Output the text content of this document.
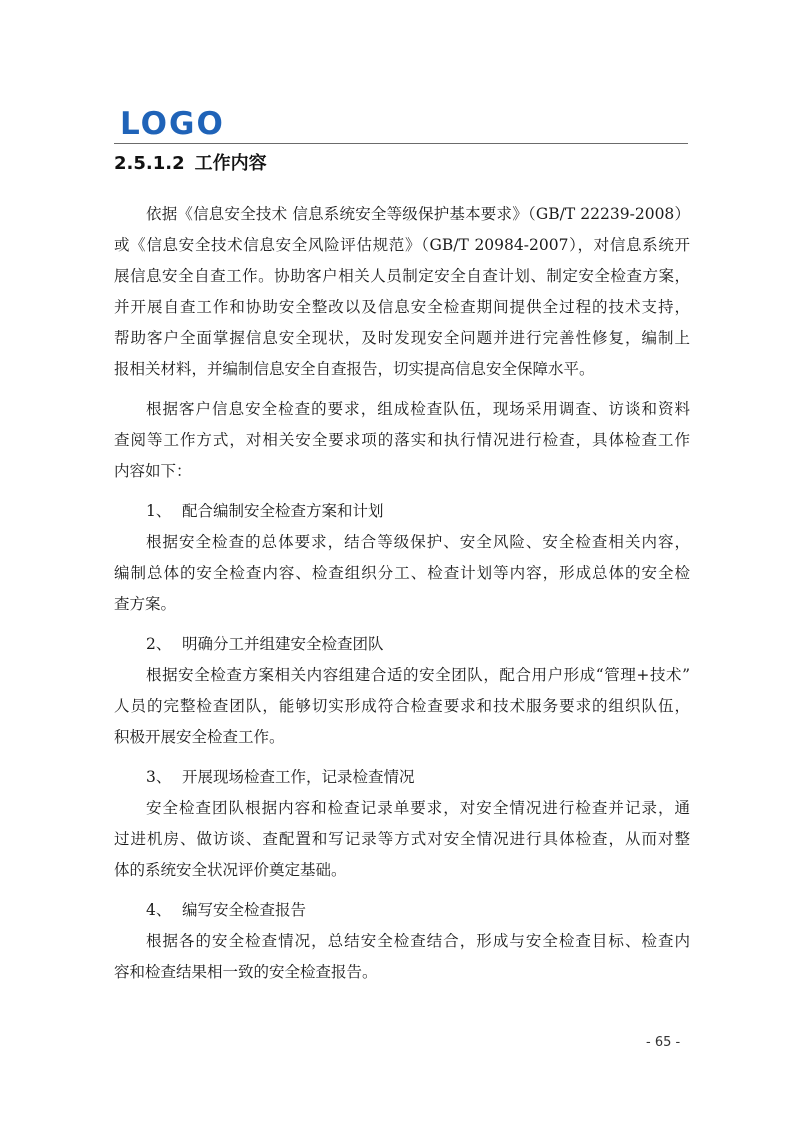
LOGO
2.5.1.2 工作内容

依据《信息安全技术 信息系统安全等级保护基本要求》（GB/T 22239-2008）

或《信息安全技术信息安全风险评估规范》（GB/T 20984-2007），对信息系统开

展信息安全自查工作。协助客户相关人员制定安全自查计划、制定安全检查方案，

并开展自查工作和协助安全整改以及信息安全检查期间提供全过程的技术支持，

帮助客户全面掌握信息安全现状，及时发现安全问题并进行完善性修复，编制上

报相关材料，并编制信息安全自查报告，切实提高信息安全保障水平。

根据客户信息安全检查的要求，组成检查队伍，现场采用调查、访谈和资料

查阅等工作方式，对相关安全要求项的落实和执行情况进行检查，具体检查工作

内容如下：

1、 配合编制安全检查方案和计划

根据安全检查的总体要求，结合等级保护、安全风险、安全检查相关内容，

编制总体的安全检查内容、检查组织分工、检查计划等内容，形成总体的安全检

查方案。

2、 明确分工并组建安全检查团队

根据安全检查方案相关内容组建合适的安全团队，配合用户形成“管理+技术”

人员的完整检查团队，能够切实形成符合检查要求和技术服务要求的组织队伍，

积极开展安全检查工作。

3、 开展现场检查工作，记录检查情况

安全检查团队根据内容和检查记录单要求，对安全情况进行检查并记录，通

过进机房、做访谈、查配置和写记录等方式对安全情况进行具体检查，从而对整

体的系统安全状况评价奠定基础。

4、 编写安全检查报告

根据各的安全检查情况，总结安全检查结合，形成与安全检查目标、检查内

容和检查结果相一致的安全检查报告。

- 65 -
